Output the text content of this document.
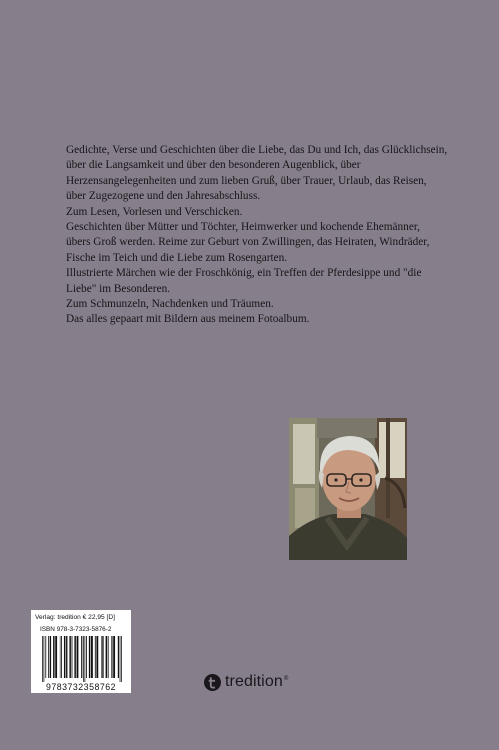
Gedichte, Verse und Geschichten über die Liebe, das Du und Ich, das Glücklichsein,
über die Langsamkeit und über den besonderen Augenblick, über
Herzensangelegenheiten und zum lieben Gruß, über Trauer, Urlaub, das Reisen,
über Zugezogene und den Jahresabschluss.
Zum Lesen, Vorlesen und Verschicken.
Geschichten über Mütter und Töchter, Heimwerker und kochende Ehemänner,
übers Groß werden. Reime zur Geburt von Zwillingen, das Heiraten, Windräder,
Fische im Teich und die Liebe zum Rosengarten.
Illustrierte Märchen wie der Froschkönig, ein Treffen der Pferdesippe und "die
Liebe" im Besonderen.
Zum Schmunzeln, Nachdenken und Träumen.
Das alles gepaart mit Bildern aus meinem Fotoalbum.
Verlag: tredition € 22,95 [D]
ISBN 978-3-7323-5876-2
9783732358762	tredition ®
